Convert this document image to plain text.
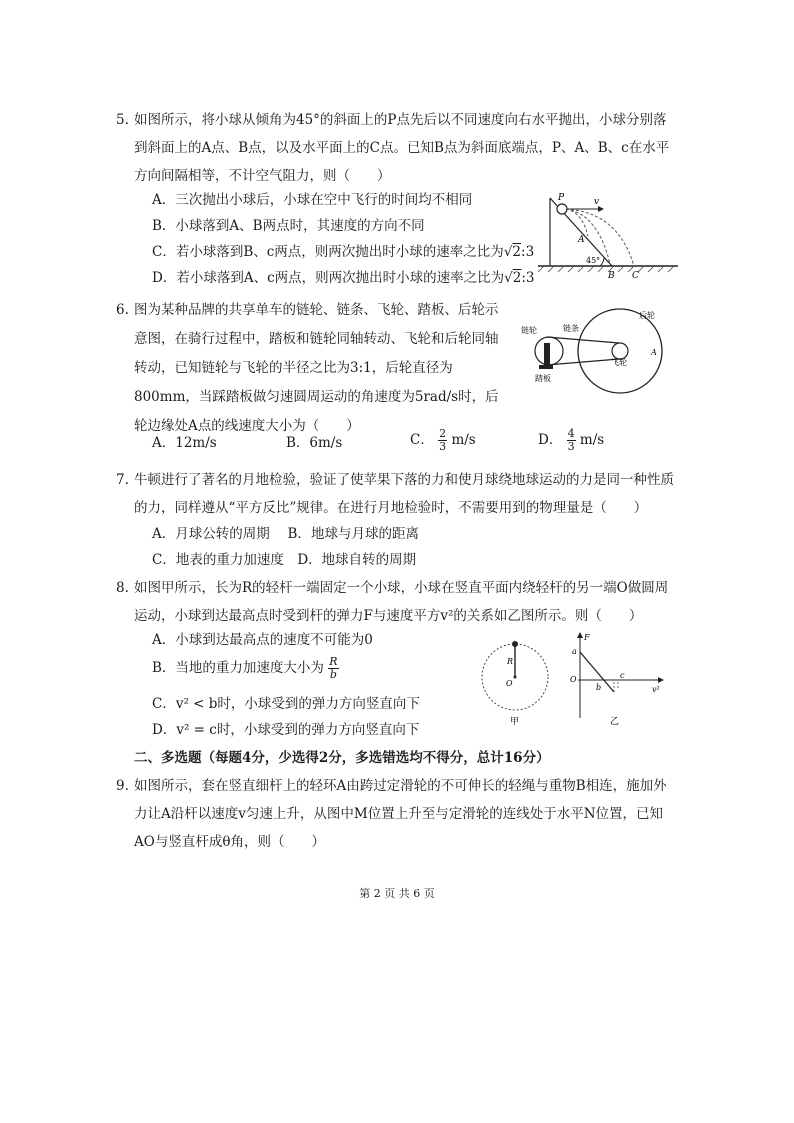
5. 如图所示，将小球从倾角为45°的斜面上的P点先后以不同速度向右水平抛出，小球分别落到斜面上的A点、B点，以及水平面上的C点。已知B点为斜面底端点，P、A、B、c在水平方向间隔相等，不计空气阻力，则（　　）
A．三次抛出小球后，小球在空中飞行的时间均不相同
B．小球落到A、B两点时，其速度的方向不同
C．若小球落到B、c两点，则两次抛出时小球的速率之比为√2:3
D．若小球落到A、c两点，则两次抛出时小球的速率之比为√2:3
P	v
A
45°
B C
6. 图为某种品牌的共享单车的链轮、链条、飞轮、踏板、后轮示意图，在骑行过程中，踏板和链轮同轴转动、飞轮和后轮同轴转动，已知链轮与飞轮的半径之比为3:1，后轮直径为800mm，当踩踏板做匀速圆周运动的角速度为5rad/s时，后轮边缘处A点的线速度大小为（　　）
链轮	链条
后轮
飞轮
踏板
A
A．12m/s	B．6m/s	C． $\frac{2}{3} m/s$	D． $\frac{4}{3} m/s$
7. 牛顿进行了著名的月地检验，验证了使苹果下落的力和使月球绕地球运动的力是同一种性质的力，同样遵从“平方反比”规律。在进行月地检验时，不需要用到的物理量是（　　）
A．月球公转的周期　 B．地球与月球的距离
C．地表的重力加速度　D．地球自转的周期
8. 如图甲所示，长为R的轻杆一端固定一个小球，小球在竖直平面内绕轻杆的另一端O做圆周运动，小球到达最高点时受到杆的弹力F与速度平方v²的关系如乙图所示。则（　　）
A．小球到达最高点的速度不可能为0
B．当地的重力加速度大小为 $\frac{R}{b}$
C．v² < b时，小球受到的弹力方向竖直向下
D．v² = c时，小球受到的弹力方向竖直向下
R
O
甲
F
a
O
b
c
v²
乙
二、多选题（每题4分，少选得2分，多选错选均不得分，总计16分）
9. 如图所示，套在竖直细杆上的轻环A由跨过定滑轮的不可伸长的轻绳与重物B相连，施加外力让A沿杆以速度v匀速上升，从图中M位置上升至与定滑轮的连线处于水平N位置，已知AO与竖直杆成θ角，则（　　）
第 2 页 共 6 页
